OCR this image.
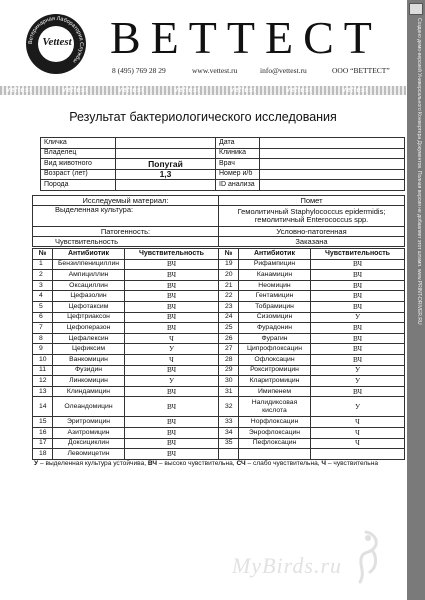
Ветеринарная Лаборатория Службы
Vettest ВЕТТЕСТ
8 (495) 769 28 29	www.vettest.ru	info@vettest.ru	ООО “ВЕТТЕСТ”
vettest	vettest	vettest	vettest	vettest	vettest	vettest	Создано демо-версией Универсального Конвертера Документов. Полная версия не добавляет этот штамп. www.PRINT-DRIVER.RU
Результат бактериологического исследования
Кличка		Дата	
Владелец		Клиника	
Вид животного	Попугай	Врач	
Возраст (лет)	1,3	Номер и/б	
Порода		ID анализа	
Исследуемый материал:	Помет
Выделенная культура:	Гемолитичный Staphylococcus epidermidis; гемолитичный Enterococcus spp.
Патогенность:	Условно-патогенная
Чувствительность	Заказана
№	Антибиотик	Чувствительность	№	Антибиотик	Чувствительность
1	Бензилпенициллин	ВЧ	19	Рифампицин	ВЧ
2	Ампициллин	ВЧ	20	Канамицин	ВЧ
3	Оксациллин	ВЧ	21	Неомицин	ВЧ
4	Цефазолин	ВЧ	22	Гентамицин	ВЧ
5	Цефотаксим	ВЧ	23	Тобрамицин	ВЧ
6	Цефтриаксон	ВЧ	24	Сизомицин	У
7	Цефоперазон	ВЧ	25	Фурадонин	ВЧ
8	Цефалексин	Ч	26	Фурагин	ВЧ
9	Цефиксим	У	27	Ципрофлоксацин	ВЧ
10	Ванкомицин	Ч	28	Офлоксацин	ВЧ
11	Фузидин	ВЧ	29	Рокситромицин	У
12	Линкомицин	У	30	Кларитромицин	У
13	Клиндамицин	ВЧ	31	Имипенем	ВЧ
14	Олеандомицин	ВЧ	32	Налидиксовая кислота	У
15	Эритромицин	ВЧ	33	Норфлоксацин	Ч
16	Азитромицин	ВЧ	34	Энрофлоксацин	Ч
17	Доксициклин	ВЧ	35	Пефлоксацин	Ч
18	Левомицетин	ВЧ			
У – выделенная культура устойчива, ВЧ – высоко чувствительна, СЧ – слабо чувствительна, Ч – чувствительна
MyBirds.ru
